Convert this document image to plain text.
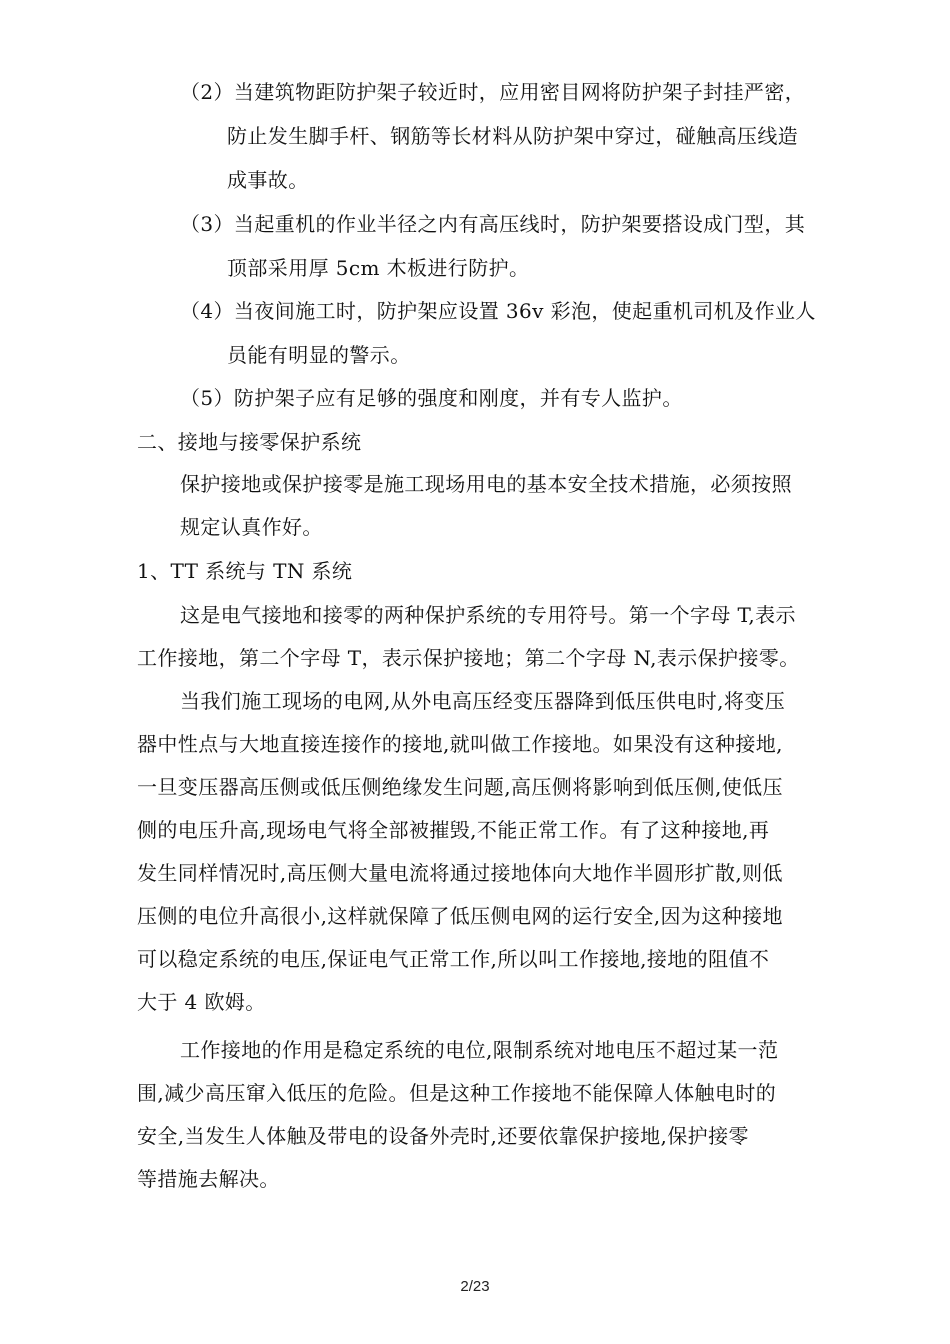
（2）当建筑物距防护架子较近时，应用密目网将防护架子封挂严密，
防止发生脚手杆、钢筋等长材料从防护架中穿过，碰触高压线造
成事故。
（3）当起重机的作业半径之内有高压线时，防护架要搭设成门型，其
顶部采用厚 5cm 木板进行防护。
（4）当夜间施工时，防护架应设置 36v 彩泡，使起重机司机及作业人
员能有明显的警示。
（5）防护架子应有足够的强度和刚度，并有专人监护。
二、接地与接零保护系统
保护接地或保护接零是施工现场用电的基本安全技术措施，必须按照
规定认真作好。
1、TT 系统与 TN 系统
这是电气接地和接零的两种保护系统的专用符号。第一个字母 T,表示
工作接地，第二个字母 T，表示保护接地；第二个字母 N,表示保护接零。
当我们施工现场的电网,从外电高压经变压器降到低压供电时,将变压
器中性点与大地直接连接作的接地,就叫做工作接地。如果没有这种接地,
一旦变压器高压侧或低压侧绝缘发生问题,高压侧将影响到低压侧,使低压
侧的电压升高,现场电气将全部被摧毁,不能正常工作。有了这种接地,再
发生同样情况时,高压侧大量电流将通过接地体向大地作半圆形扩散,则低
压侧的电位升高很小,这样就保障了低压侧电网的运行安全,因为这种接地
可以稳定系统的电压,保证电气正常工作,所以叫工作接地,接地的阻值不
大于 4 欧姆。
工作接地的作用是稳定系统的电位,限制系统对地电压不超过某一范
围,减少高压窜入低压的危险。但是这种工作接地不能保障人体触电时的
安全,当发生人体触及带电的设备外壳时,还要依靠保护接地,保护接零
等措施去解决。
2/23
